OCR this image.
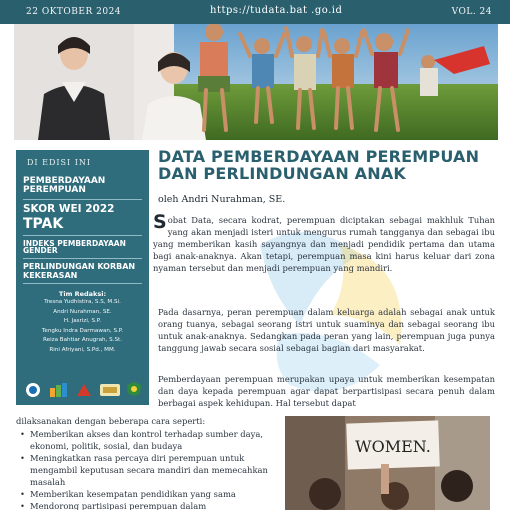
22 OKTOBER 2024	https://tudata.bat .go.id	VOL. 24
DI EDISI INI
PEMBERDAYAAN PEREMPUAN
SKOR WEI 2022
TPAK
INDEKS PEMBERDAYAAN GENDER
PERLINDUNGAN KORBAN KEKERASAN
Tim Redaksi:
Tresna Yudhistira, S.S, M.Si.
Andri Nurahman, SE.
H. Jasrizi, S.P.
Tengku Indra Darmawan, S.P.
Reiza Bahtiar Anugrah, S.St.
Rini Afriyani, S.Pd., MM.
DATA PEMBERDAYAAN PEREMPUAN DAN PERLINDUNGAN ANAK
oleh Andri Nurahman, SE.
Sobat Data, secara kodrat, perempuan diciptakan sebagai makhluk Tuhan yang akan menjadi isteri untuk mengurus rumah tangganya dan sebagai ibu yang memberikan kasih sayangnya dan menjadi pendidik pertama dan utama bagi anak-anaknya. Akan tetapi, perempuan masa kini harus keluar dari zona nyaman tersebut dan menjadi perempuan yang mandiri.
Pada dasarnya, peran perempuan dalam keluarga adalah sebagai anak untuk orang tuanya, sebagai seorang istri untuk suaminya dan sebagai seorang ibu untuk anak-anaknya. Sedangkan pada peran yang lain, perempuan juga punya tanggung jawab secara sosial sebagai bagian dari masyarakat.
Pemberdayaan perempuan merupakan upaya untuk memberikan kesempatan dan daya kepada perempuan agar dapat berpartisipasi secara penuh dalam berbagai aspek kehidupan. Hal tersebut dapat
dilaksanakan dengan beberapa cara seperti:
• Memberikan akses dan kontrol terhadap sumber daya, ekonomi, politik, sosial, dan budaya
• Meningkatkan rasa percaya diri perempuan untuk mengambil keputusan secara mandiri dan memecahkan masalah
• Memberikan kesempatan pendidikan yang sama
• Mendorong partisipasi perempuan dalam
WOMEN.
